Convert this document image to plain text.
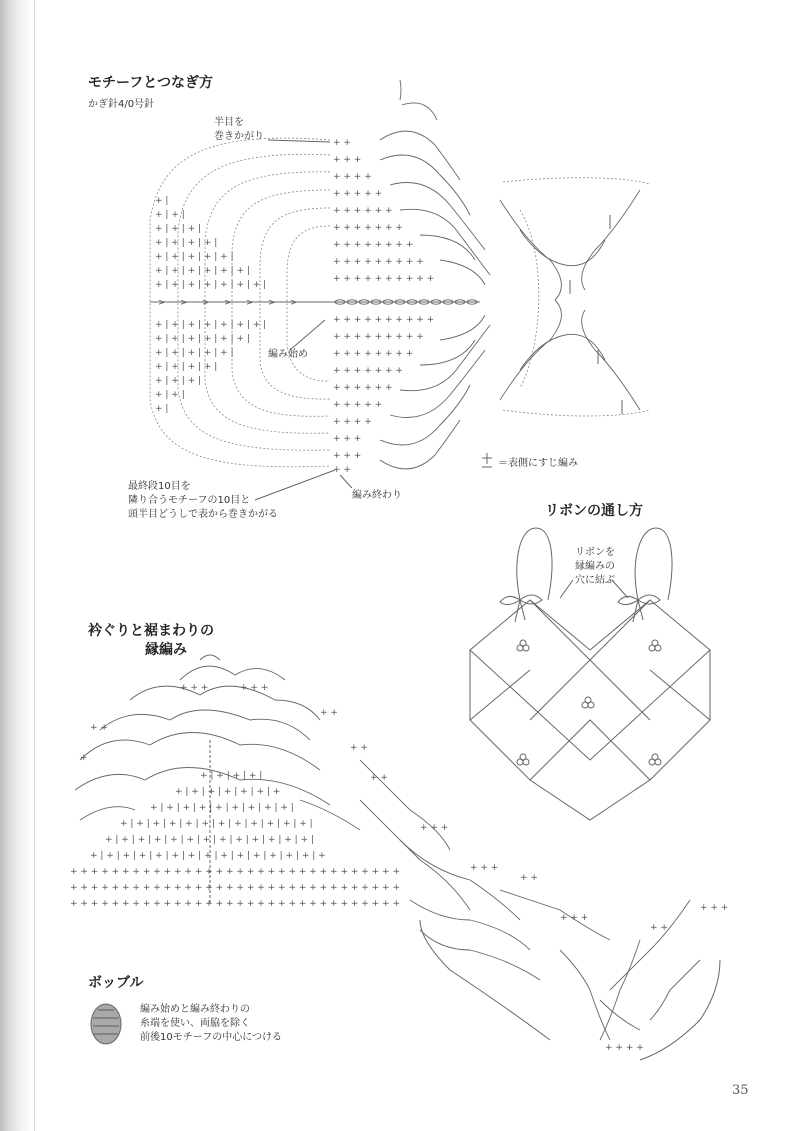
モチーフとつなぎ方
かぎ針4/0号針
半目を
巻きかがり
編み始め
編み終わり
最終段10目を
隣り合うモチーフの10目と
頭半目どうしで表から巻きかがる
＝表側にすじ編み
> > > > > > >
+ +
+ + +
+ + + +
+ + + + +
+ + + + + +
+ + + + + + +
+ + + + + + + +
+ + + + + + + + +
+ + + + + + + + + +
+ + + + + + + + + +
+ + + + + + + + +
+ + + + + + + +
+ + + + + + +
+ + + + + +
+ + + + +
+ + + +
+ + +
+ + +
+ +
+ |
+ | + |
+ | + | + |
+ | + | + | + |
+ | + | + | + | + |
+ | + | + | + | + | + |
+ | + | + | + | + | + | + |
+ | + | + | + | + | + | + |
+ | + | + | + | + | + |
+ | + | + | + | + |
+ | + | + | + |
+ | + | + |
+ | + |
+ |
リボンの通し方
リボンを
縁編みの
穴に結ぶ
衿ぐりと裾まわりの
縁編み
+ + + + + + + + + + + + + + + + + + + + + + + + + + + + + + + +
+ + + + + + + + + + + + + + + + + + + + + + + + + + + + + + + +
+ + + + + + + + + + + + + + + + + + + + + + + + + + + + + + + +
+ | + | + | + | + | + | + | + | + | + | + | + | + | + | +
+ | + | + | + | + | + | + | + | + | + | + | + | + |
+ | + | + | + | + | + | + | + | + | + | + | + |
+ | + | + | + | + | + | + | + | + |
+ | + | + | + | + | + | +
+ | + | + | + |
+ + +	+ + +
+ +
+ +
+
+ +
+ +
+ + +
+ + +
+ +
+ + +
+ +
+ + +
+ + + +
ボッブル
編み始めと編み終わりの
糸端を使い、両脇を除く
前後10モチーフの中心につける
35
